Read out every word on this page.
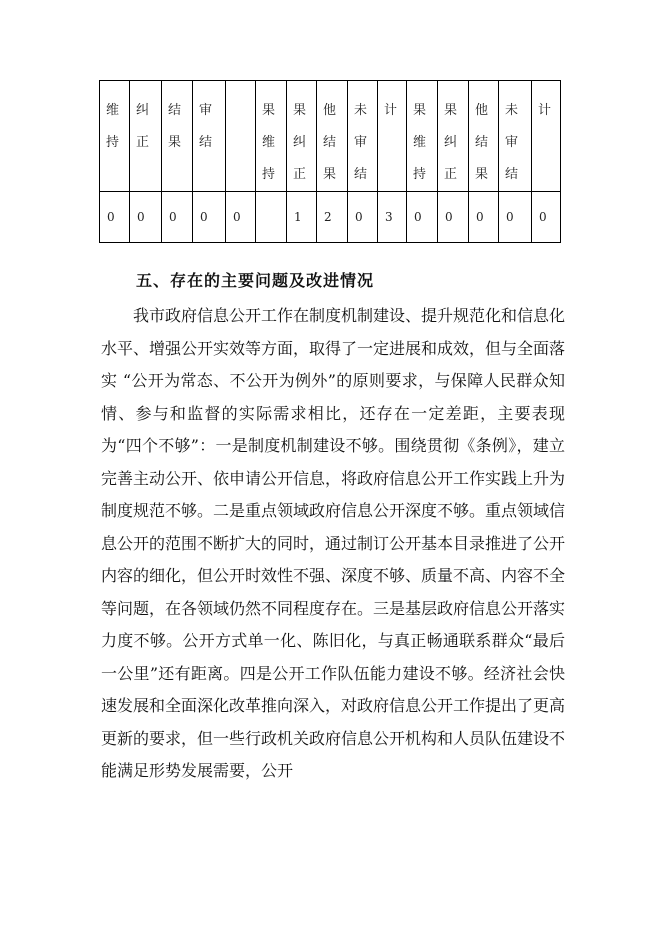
维持	纠正	结果	审结		果维持	果纠正	他结果	未审结	计	果维持	果纠正	他结果	未审结	计

0	0	0	0	0		1	2	0	3	0	0	0	0	0
五、存在的主要问题及改进情况

我市政府信息公开工作在制度机制建设、提升规范化和信息化水平、增强公开实效等方面，取得了一定进展和成效，但与全面落实 “公开为常态、不公开为例外”的原则要求，与保障人民群众知情、参与和监督的实际需求相比，还存在一定差距，主要表现为“四个不够”：一是制度机制建设不够。围绕贯彻《条例》，建立完善主动公开、依申请公开信息，将政府信息公开工作实践上升为制度规范不够。二是重点领域政府信息公开深度不够。重点领域信息公开的范围不断扩大的同时，通过制订公开基本目录推进了公开内容的细化，但公开时效性不强、深度不够、质量不高、内容不全等问题，在各领域仍然不同程度存在。三是基层政府信息公开落实力度不够。公开方式单一化、陈旧化，与真正畅通联系群众“最后一公里”还有距离。四是公开工作队伍能力建设不够。经济社会快速发展和全面深化改革推向深入，对政府信息公开工作提出了更高更新的要求，但一些行政机关政府信息公开机构和人员队伍建设不能满足形势发展需要，公开
